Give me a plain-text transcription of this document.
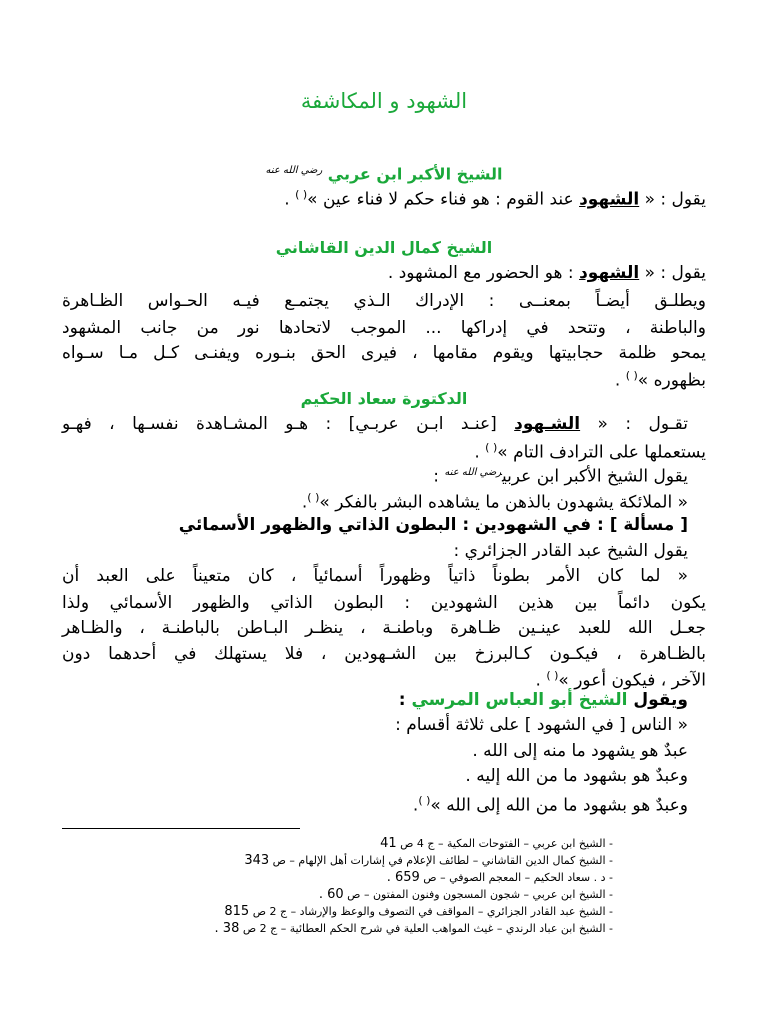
الشهود و المكاشفة
الشيخ الأكبر ابن عربي $^{رضي الله عنه}$
يقول : « الشهود عند القوم : هو فناء حكم لا فناء عين »( ) .
الشيخ كمال الدين القاشاني
يقول : « الشهود : هو الحضور مع المشهود .
ويطلـق أيضـاً بمعنــى : الإدراك الـذي يجتمـع فيـه الحـواس الظـاهرة
والباطنة ، وتتحد في إدراكها ... الموجب لاتحادها نور من جانب المشهود
يمحو ظلمة حجابيتها ويقوم مقامها ، فيرى الحق بنـوره ويفنـى كـل مـا سـواه
بظهوره »( ) .
الدكتورة سعاد الحكيم
تقـول : « الشـهود [عنـد ابـن عربـي] : هـو المشـاهدة نفسـها ، فهـو
يستعملها على الترادف التام »( ) .
يقول الشيخ الأكبر ابن عربي$^{رضي الله عنه}$ :
« الملائكة يشهدون بالذهن ما يشاهده البشر بالفكر »( ).
[ مسألة ] : في الشهودين : البطون الذاتي والظهور الأسمائي
يقول الشيخ عبد القادر الجزائري :
« لما كان الأمر بطوناً ذاتياً وظهوراً أسمائياً ، كان متعيناً على العبد أن
يكون دائماً بين هذين الشهودين : البطون الذاتي والظهور الأسمائي ولذا
جعـل الله للعبد عينـين ظـاهرة وباطنـة ، ينظـر البـاطن بالباطنـة ، والظـاهر
بالظـاهرة ، فيكـون كـالبرزخ بين الشـهودين ، فلا يستهلك في أحدهما دون
الآخر ، فيكون أعور »( ) .
ويقول الشيخ أبو العباس المرسي :
« الناس [ في الشهود ] على ثلاثة أقسام :
عبدٌ هو يشهود ما منه إلى الله .
وعبدٌ هو بشهود ما من الله إليه .
وعبدٌ هو بشهود ما من الله إلى الله »( ).
- الشيخ ابن عربي – الفتوحات المكية – ج 4 ص 41
- الشيخ كمال الدين القاشاني – لطائف الإعلام في إشارات أهل الإلهام – ص 343
- د . سعاد الحكيم – المعجم الصوفي – ص 659 .
- الشيخ ابن عربي – شجون المسجون وفنون المفتون – ص 60 .
- الشيخ عبد القادر الجزائري – المواقف في التصوف والوعظ والإرشاد – ج 2 ص 815
- الشيخ ابن عباد الرندي – غيث المواهب العلية في شرح الحكم العطائية – ج 2 ص 38 .
